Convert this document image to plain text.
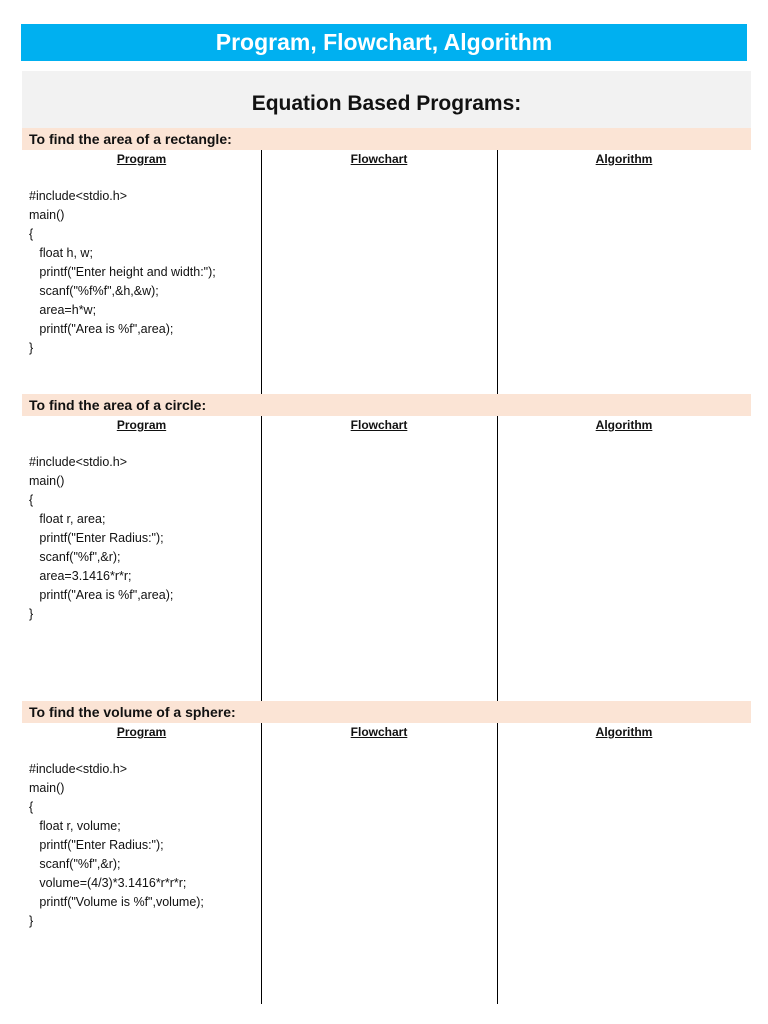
Program, Flowchart, Algorithm
Equation Based Programs:
To find the area of a rectangle:
Program	Flowchart	Algorithm
#include<stdio.h>
main()
{
float h, w;
printf("Enter height and width:");
scanf("%f%f",&h,&w);
area=h*w;
printf("Area is %f",area);
}
To find the area of a circle:
Program	Flowchart	Algorithm
#include<stdio.h>
main()
{
float r, area;
printf("Enter Radius:");
scanf("%f",&r);
area=3.1416*r*r;
printf("Area is %f",area);
}
To find the volume of a sphere:
Program	Flowchart	Algorithm
#include<stdio.h>
main()
{
float r, volume;
printf("Enter Radius:");
scanf("%f",&r);
volume=(4/3)*3.1416*r*r*r;
printf("Volume is %f",volume);
}
